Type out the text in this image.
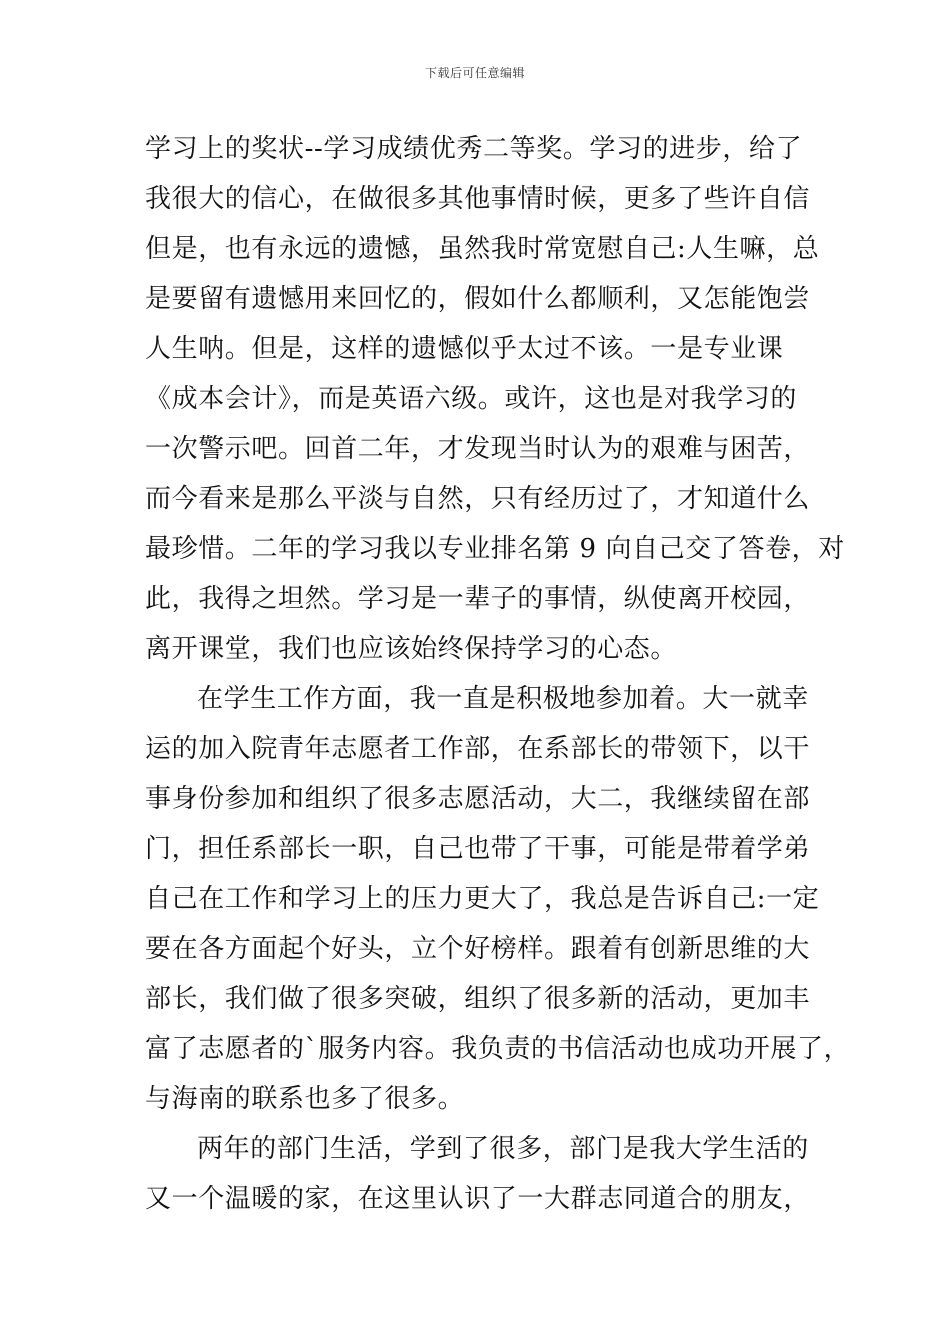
下载后可任意编辑
学习上的奖状--学习成绩优秀二等奖。学习的进步，给了
我很大的信心，在做很多其他事情时候，更多了些许自信
但是，也有永远的遗憾，虽然我时常宽慰自己:人生嘛，总
是要留有遗憾用来回忆的，假如什么都顺利，又怎能饱尝
人生呐。但是，这样的遗憾似乎太过不该。一是专业课
《成本会计》，而是英语六级。或许，这也是对我学习的
一次警示吧。回首二年，才发现当时认为的艰难与困苦，
而今看来是那么平淡与自然，只有经历过了，才知道什么
最珍惜。二年的学习我以专业排名第 9 向自己交了答卷，对
此，我得之坦然。学习是一辈子的事情，纵使离开校园，
离开课堂，我们也应该始终保持学习的心态。
在学生工作方面，我一直是积极地参加着。大一就幸
运的加入院青年志愿者工作部，在系部长的带领下，以干
事身份参加和组织了很多志愿活动，大二，我继续留在部
门，担任系部长一职，自己也带了干事，可能是带着学弟
自己在工作和学习上的压力更大了，我总是告诉自己:一定
要在各方面起个好头，立个好榜样。跟着有创新思维的大
部长，我们做了很多突破，组织了很多新的活动，更加丰
富了志愿者的`服务内容。我负责的书信活动也成功开展了，
与海南的联系也多了很多。
两年的部门生活，学到了很多，部门是我大学生活的
又一个温暖的家，在这里认识了一大群志同道合的朋友，
